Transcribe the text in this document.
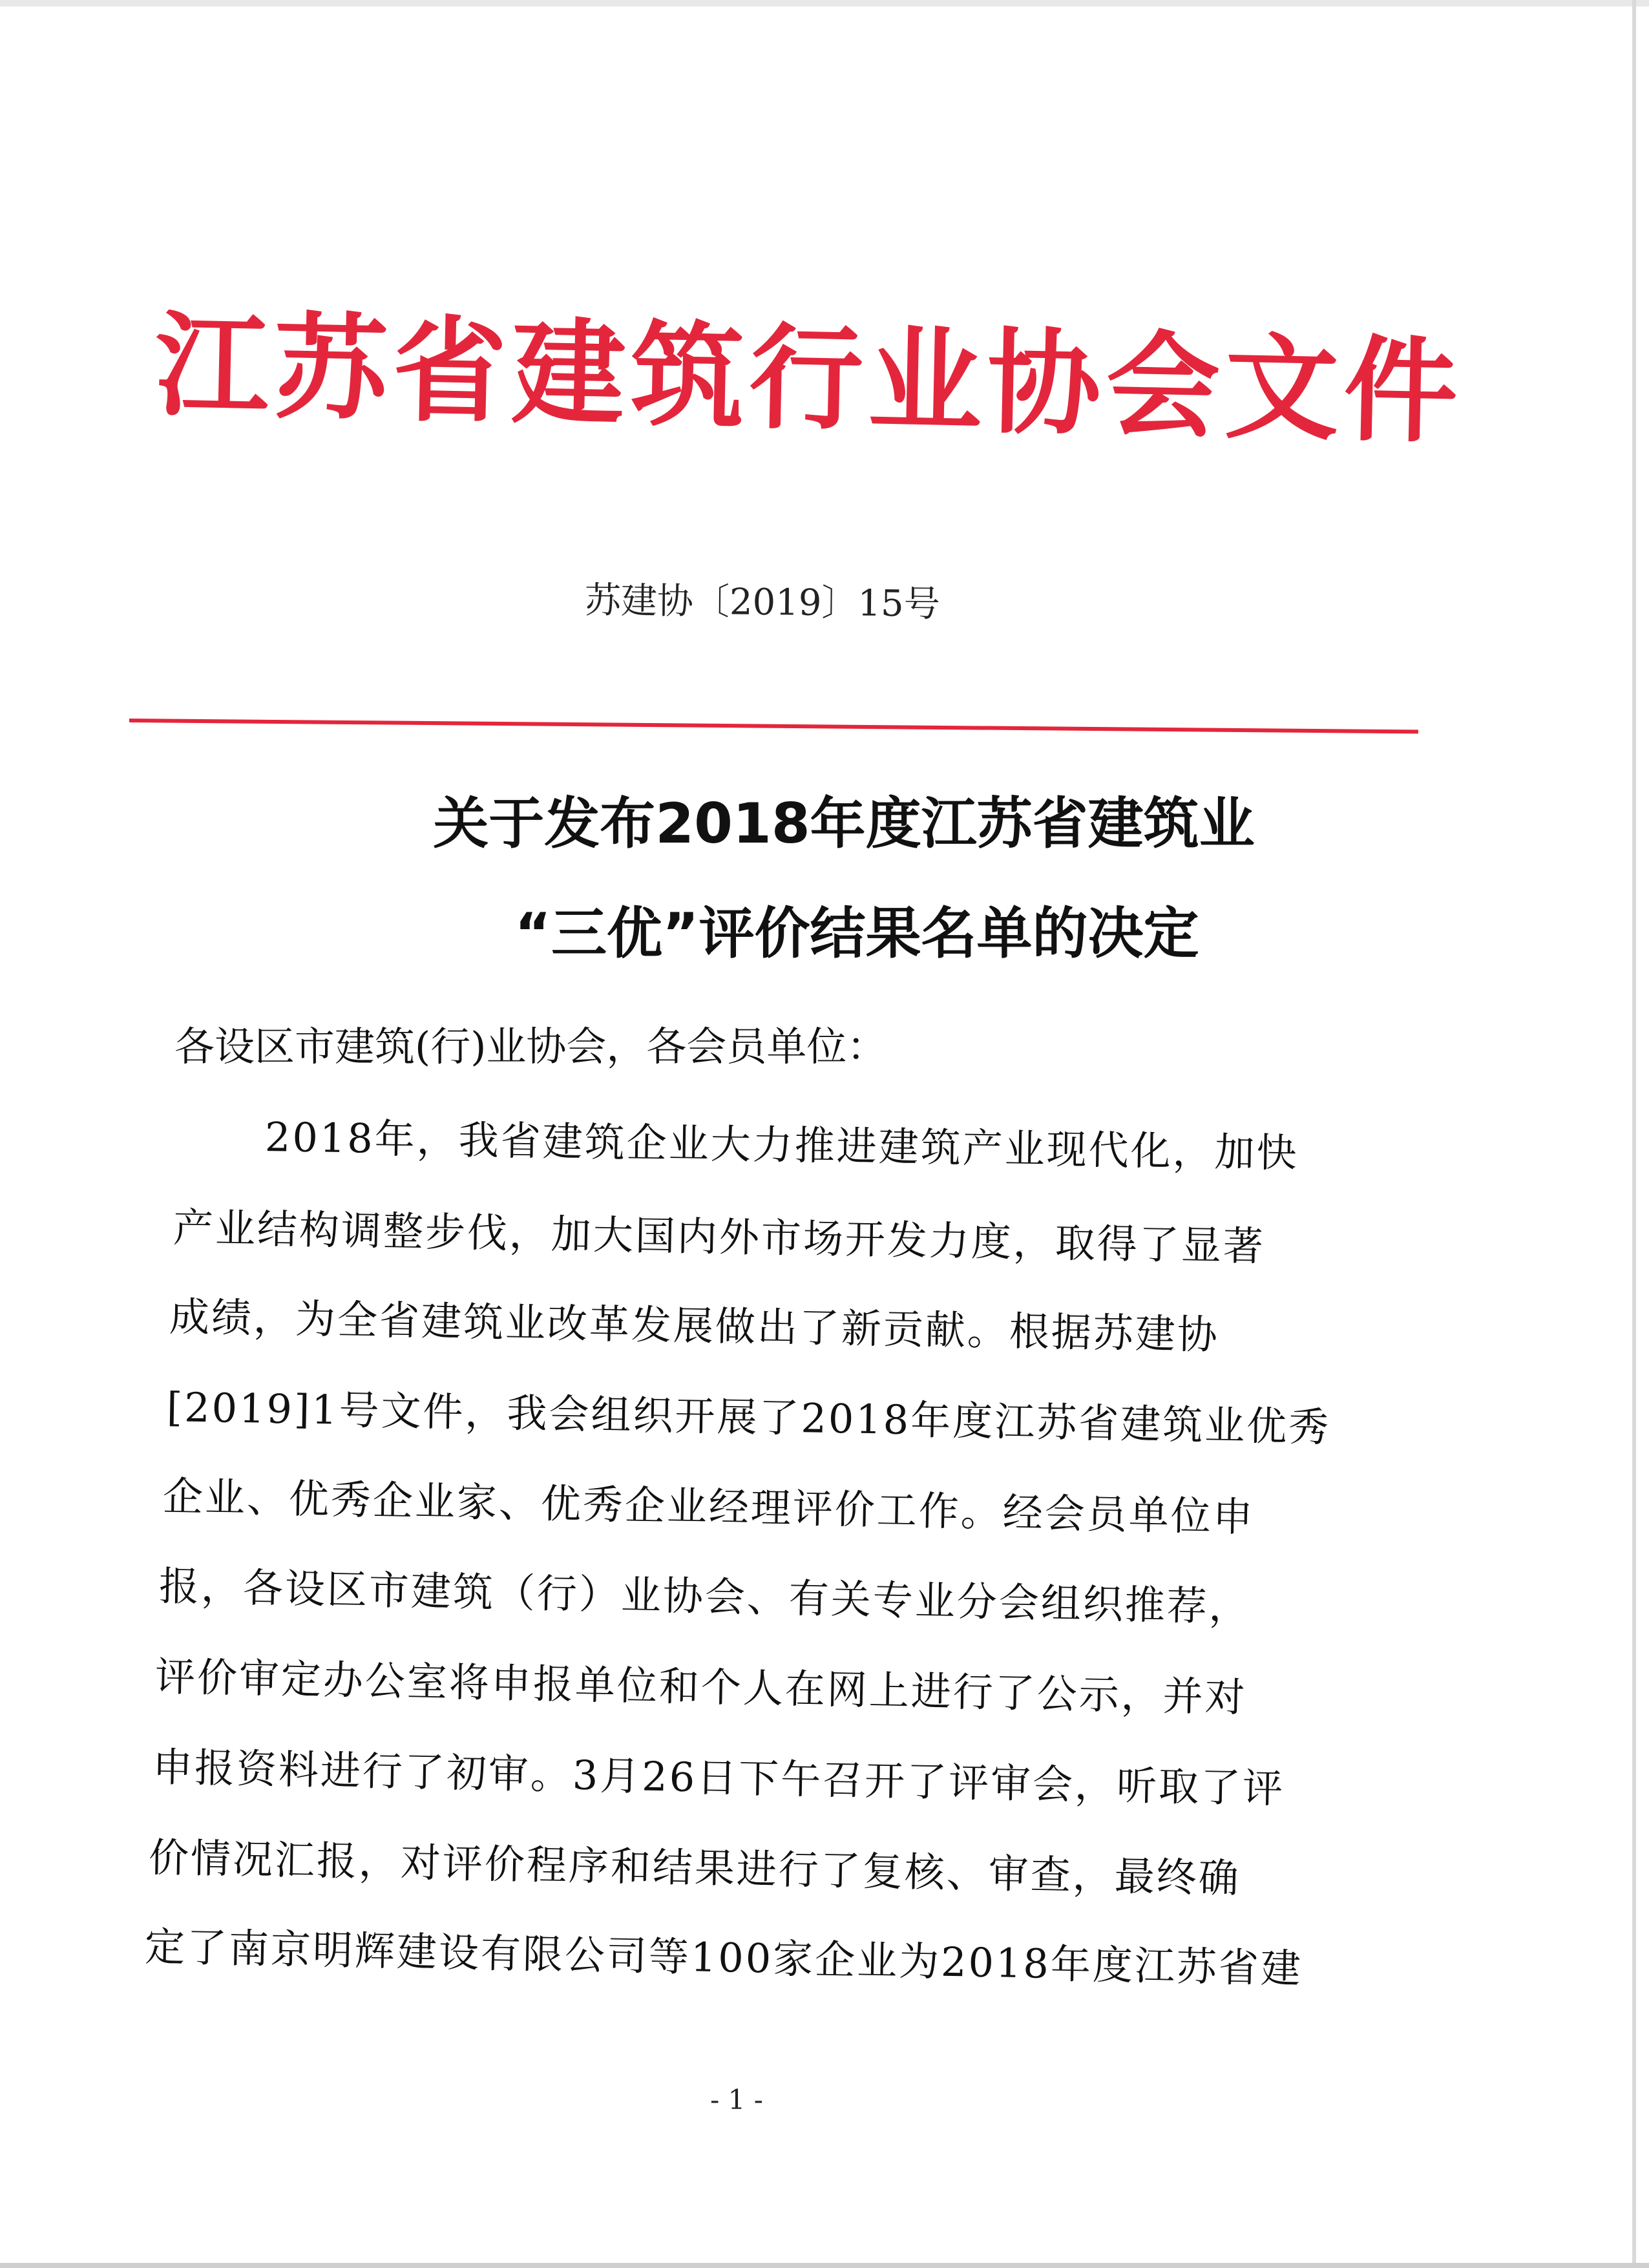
江苏省建筑行业协会文件
苏建协〔2019〕15号
关于发布2018年度江苏省建筑业
“三优”评价结果名单的决定
各设区市建筑(行)业协会，各会员单位：
2018年，我省建筑企业大力推进建筑产业现代化，加快
产业结构调整步伐，加大国内外市场开发力度，取得了显著
成绩，为全省建筑业改革发展做出了新贡献。根据苏建协
[2019]1号文件，我会组织开展了2018年度江苏省建筑业优秀
企业、优秀企业家、优秀企业经理评价工作。经会员单位申
报，各设区市建筑（行）业协会、有关专业分会组织推荐，
评价审定办公室将申报单位和个人在网上进行了公示，并对
申报资料进行了初审。3月26日下午召开了评审会，听取了评
价情况汇报，对评价程序和结果进行了复核、审查，最终确
定了南京明辉建设有限公司等100家企业为2018年度江苏省建
- 1 -
